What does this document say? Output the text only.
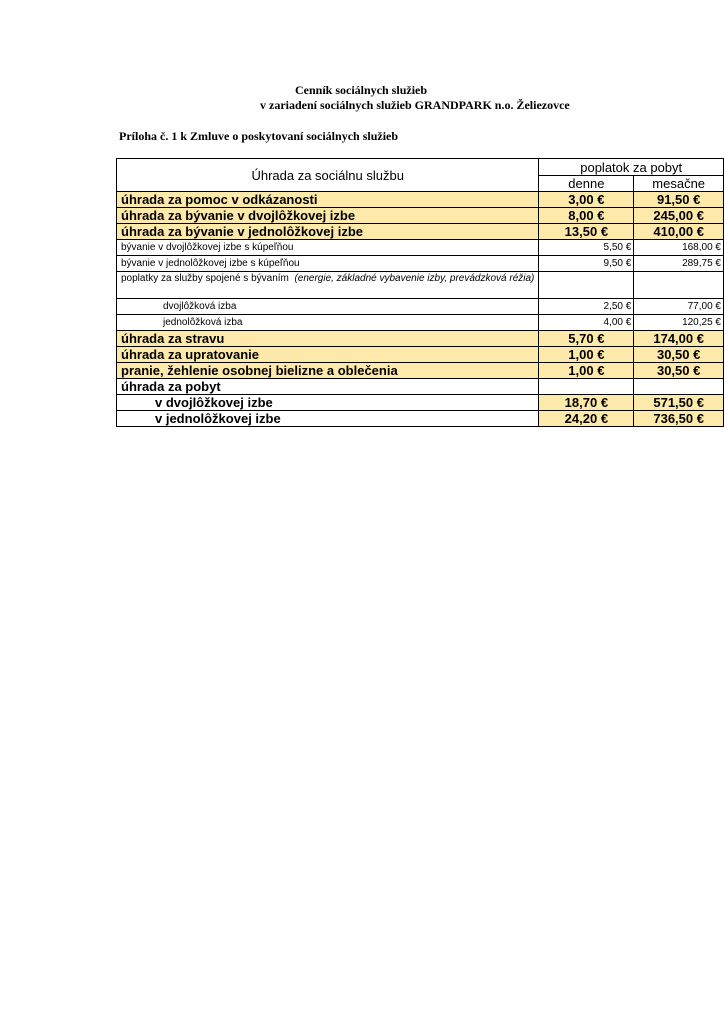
Cenník sociálnych služieb
v zariadení sociálnych služieb GRANDPARK n.o. Želiezovce
Príloha č. 1 k Zmluve o poskytovaní sociálnych služieb
Úhrada za sociálnu službu	poplatok za pobyt	
	denne	mesačne
úhrada za pomoc v odkázanosti	3,00 €	91,50 €
úhrada za bývanie v dvojlôžkovej izbe	8,00 €	245,00 €
úhrada za bývanie v jednolôžkovej izbe	13,50 €	410,00 €
bývanie v dvojlôžkovej izbe s kúpeľňou	5,50 €	168,00 €
bývanie v jednolôžkovej izbe s kúpeľňou	9,50 €	289,75 €
poplatky za služby spojené s bývaním (energie, základné vybavenie izby, prevádzková réžia)		
dvojlôžková izba	2,50 €	77,00 €
jednolôžková izba	4,00 €	120,25 €
úhrada za stravu	5,70 €	174,00 €
úhrada za upratovanie	1,00 €	30,50 €
pranie, žehlenie osobnej bielizne a oblečenia	1,00 €	30,50 €
úhrada za pobyt		
v dvojlôžkovej izbe	18,70 €	571,50 €
v jednolôžkovej izbe	24,20 €	736,50 €
